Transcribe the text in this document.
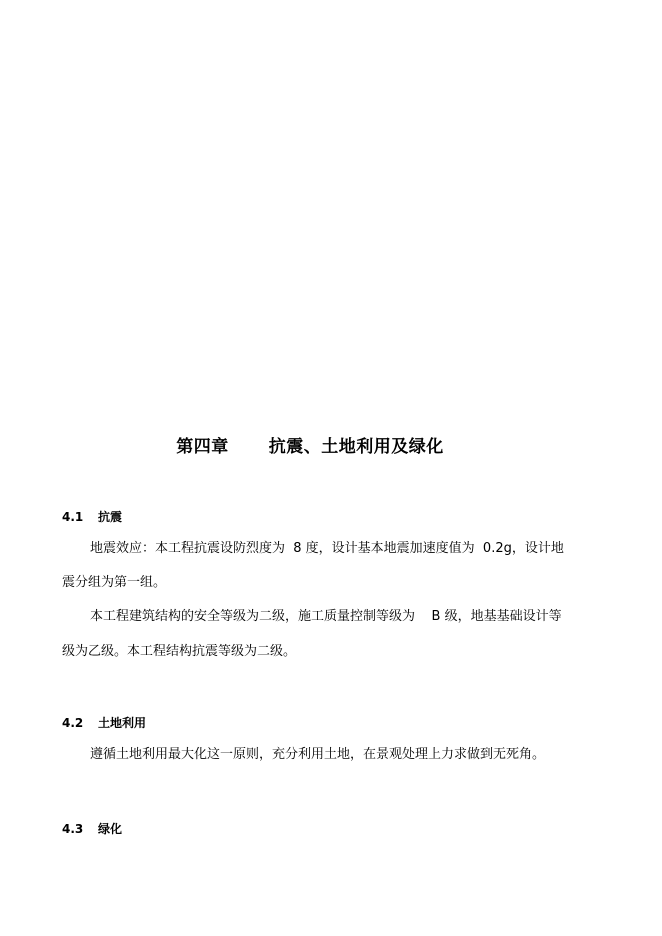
第四章 抗震、土地利用及绿化
4.1 抗震
地震效应：本工程抗震设防烈度为  8 度，设计基本地震加速度值为  0.2g，设计地
震分组为第一组。
本工程建筑结构的安全等级为二级，施工质量控制等级为    B 级，地基基础设计等
级为乙级。本工程结构抗震等级为二级。
4.2 土地利用
遵循土地利用最大化这一原则，充分利用土地，在景观处理上力求做到无死角。
4.3 绿化
